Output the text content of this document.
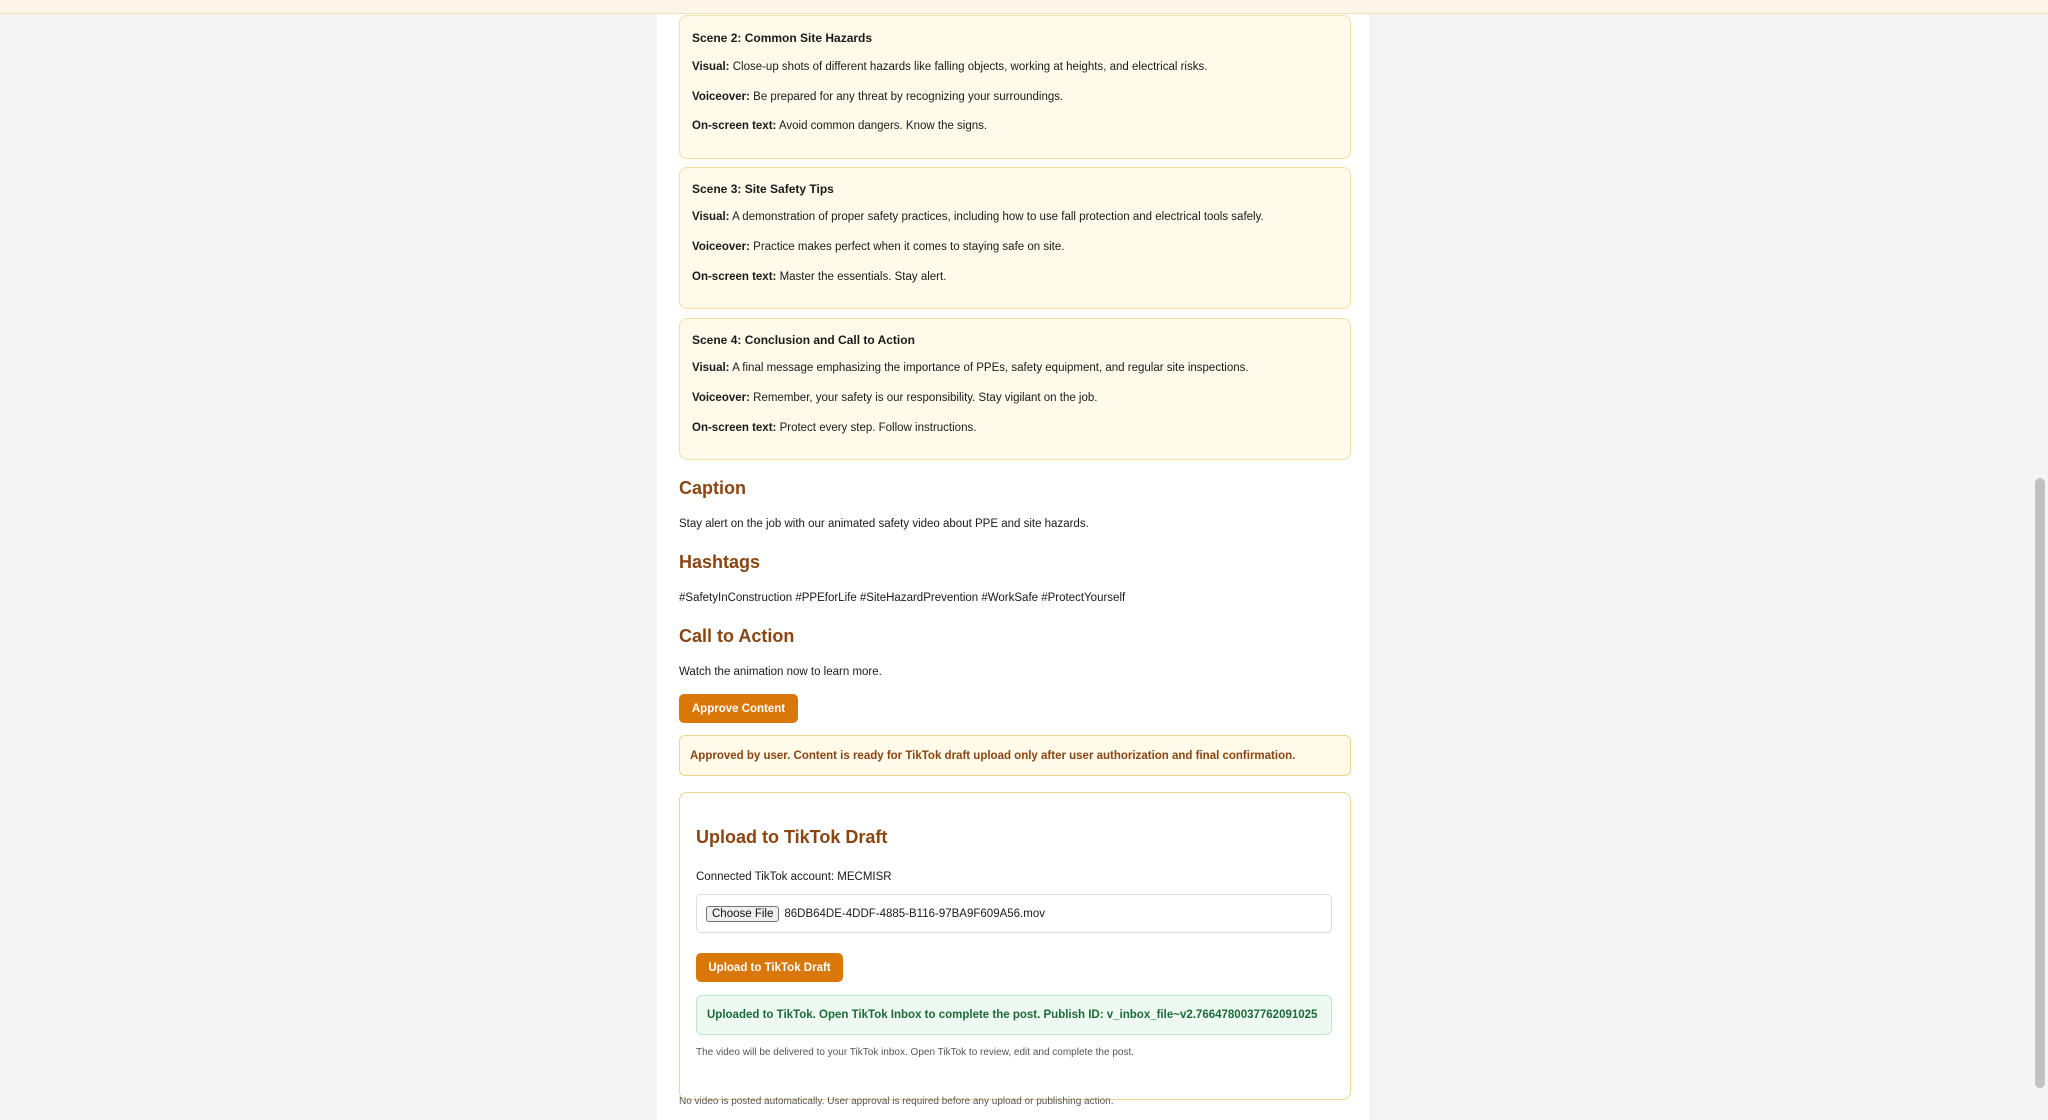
Scene 2: Common Site Hazards
Visual: Close-up shots of different hazards like falling objects, working at heights, and electrical risks.
Voiceover: Be prepared for any threat by recognizing your surroundings.
On-screen text: Avoid common dangers. Know the signs.
Scene 3: Site Safety Tips
Visual: A demonstration of proper safety practices, including how to use fall protection and electrical tools safely.
Voiceover: Practice makes perfect when it comes to staying safe on site.
On-screen text: Master the essentials. Stay alert.
Scene 4: Conclusion and Call to Action
Visual: A final message emphasizing the importance of PPEs, safety equipment, and regular site inspections.
Voiceover: Remember, your safety is our responsibility. Stay vigilant on the job.
On-screen text: Protect every step. Follow instructions.
Caption
Stay alert on the job with our animated safety video about PPE and site hazards.
Hashtags
#SafetyInConstruction #PPEforLife #SiteHazardPrevention #WorkSafe #ProtectYourself
Call to Action
Watch the animation now to learn more.
Approve Content
Approved by user. Content is ready for TikTok draft upload only after user authorization and final confirmation.
Upload to TikTok Draft
Connected TikTok account: MECMISR
Choose File 86DB64DE-4DDF-4885-B116-97BA9F609A56.mov
Upload to TikTok Draft
Uploaded to TikTok. Open TikTok Inbox to complete the post. Publish ID: v_inbox_file~v2.7664780037762091025
The video will be delivered to your TikTok inbox. Open TikTok to review, edit and complete the post.
No video is posted automatically. User approval is required before any upload or publishing action.
